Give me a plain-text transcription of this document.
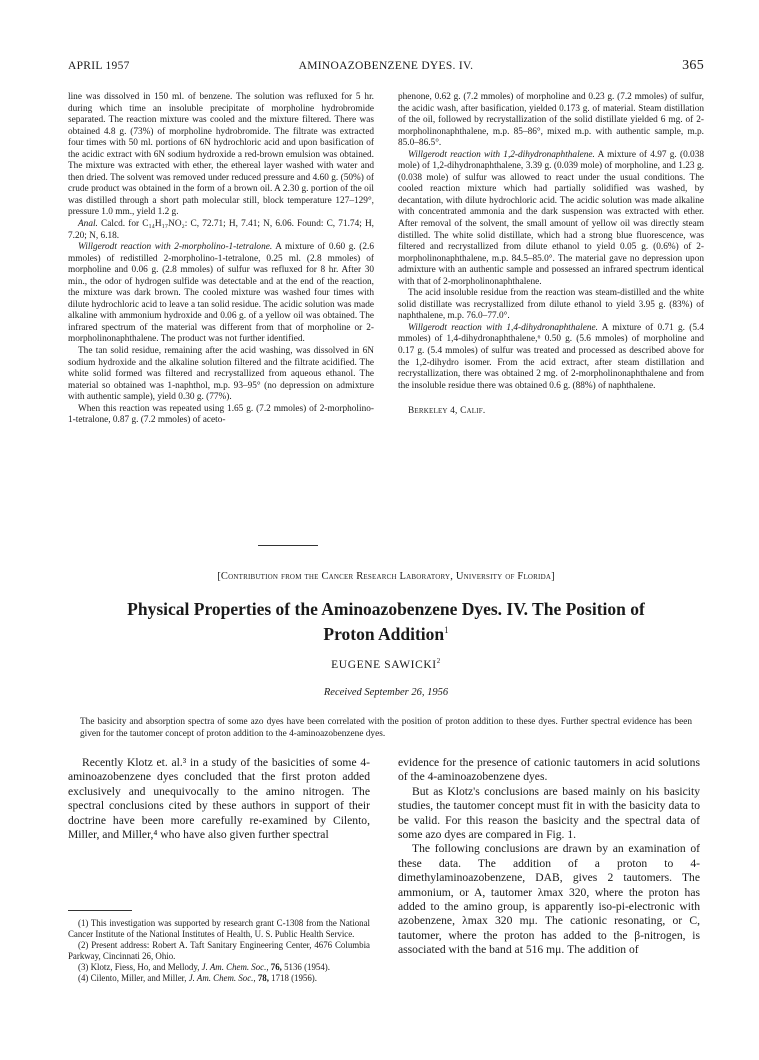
APRIL 1957	AMINOAZOBENZENE DYES. IV.	365

line was dissolved in 150 ml. of benzene. The solution was refluxed for 5 hr. during which time an insoluble precipitate of morpholine hydrobromide separated. The reaction mixture was cooled and the mixture filtered. There was obtained 4.8 g. (73%) of morpholine hydrobromide. The filtrate was extracted four times with 50 ml. portions of 6N hydrochloric acid and upon basification of the acidic extract with 6N sodium hydroxide a red-brown emulsion was obtained. The mixture was extracted with ether, the ethereal layer washed with water and then dried. The solvent was removed under reduced pressure and 4.60 g. (50%) of crude product was obtained in the form of a brown oil. A 2.30 g. portion of the oil was distilled through a short path molecular still, block temperature 127–129°, pressure 1.0 mm., yield 1.2 g.

Anal. Calcd. for C₁₄H₁₇NO₂: C, 72.71; H, 7.41; N, 6.06. Found: C, 71.74; H, 7.20; N, 6.18.

Willgerodt reaction with 2-morpholino-1-tetralone. A mixture of 0.60 g. (2.6 mmoles) of redistilled 2-morpholino-1-tetralone, 0.25 ml. (2.8 mmoles) of morpholine and 0.06 g. (2.8 mmoles) of sulfur was refluxed for 8 hr. After 30 min., the odor of hydrogen sulfide was detectable and at the end of the reaction, the mixture was dark brown. The cooled mixture was washed four times with dilute hydrochloric acid to leave a tan solid residue. The acidic solution was made alkaline with ammonium hydroxide and 0.06 g. of a yellow oil was obtained. The infrared spectrum of the material was different from that of morpholine or 2-morpholinonaphthalene. The product was not further identified.

The tan solid residue, remaining after the acid washing, was dissolved in 6N sodium hydroxide and the alkaline solution filtered and the filtrate acidified. The white solid formed was filtered and recrystallized from aqueous ethanol. The material so obtained was 1-naphthol, m.p. 93–95° (no depression on admixture with authentic sample), yield 0.30 g. (77%).

When this reaction was repeated using 1.65 g. (7.2 mmoles) of 2-morpholino-1-tetralone, 0.87 g. (7.2 mmoles) of aceto-

phenone, 0.62 g. (7.2 mmoles) of morpholine and 0.23 g. (7.2 mmoles) of sulfur, the acidic wash, after basification, yielded 0.173 g. of material. Steam distillation of the oil, followed by recrystallization of the solid distillate yielded 6 mg. of 2-morpholinonaphthalene, m.p. 85–86°, mixed m.p. with authentic sample, m.p. 85.0–86.5°.

Willgerodt reaction with 1,2-dihydronaphthalene. A mixture of 4.97 g. (0.038 mole) of 1,2-dihydronaphthalene, 3.39 g. (0.039 mole) of morpholine, and 1.23 g. (0.038 mole) of sulfur was allowed to react under the usual conditions. The cooled reaction mixture which had partially solidified was washed, by decantation, with dilute hydrochloric acid. The acidic solution was made alkaline with concentrated ammonia and the dark suspension was extracted with ether. After removal of the solvent, the small amount of yellow oil was directly steam distilled. The white solid distillate, which had a strong blue fluorescence, was filtered and recrystallized from dilute ethanol to yield 0.05 g. (0.6%) of 2-morpholinonaphthalene, m.p. 84.5–85.0°. The material gave no depression upon admixture with an authentic sample and possessed an infrared spectrum identical with that of 2-morpholinonaphthalene.

The acid insoluble residue from the reaction was steam-distilled and the white solid distillate was recrystallized from dilute ethanol to yield 3.95 g. (83%) of naphthalene, m.p. 76.0–77.0°.

Willgerodt reaction with 1,4-dihydronaphthalene. A mixture of 0.71 g. (5.4 mmoles) of 1,4-dihydronaphthalene,⁶ 0.50 g. (5.6 mmoles) of morpholine and 0.17 g. (5.4 mmoles) of sulfur was treated and processed as described above for the 1,2-dihydro isomer. From the acid extract, after steam distillation and recrystallization, there was obtained 2 mg. of 2-morpholinonaphthalene and from the insoluble residue there was obtained 0.6 g. (88%) of naphthalene.

Berkeley 4, Calif.

[Contribution from the Cancer Research Laboratory, University of Florida]
Physical Properties of the Aminoazobenzene Dyes. IV. The Position of
Proton Addition$^1$
EUGENE SAWICKI$^2$
Received September 26, 1956

The basicity and absorption spectra of some azo dyes have been correlated with the position of proton addition to these dyes. Further spectral evidence has been given for the tautomer concept of proton addition to the 4-aminoazobenzene dyes.

Recently Klotz et. al.³ in a study of the basicities of some 4-aminoazobenzene dyes concluded that the first proton added exclusively and unequivocally to the amino nitrogen. The spectral conclusions cited by these authors in support of their doctrine have been more carefully re-examined by Cilento, Miller, and Miller,⁴ who have also given further spectral

evidence for the presence of cationic tautomers in acid solutions of the 4-aminoazobenzene dyes.

But as Klotz's conclusions are based mainly on his basicity studies, the tautomer concept must fit in with the basicity data to be valid. For this reason the basicity and the spectral data of some azo dyes are compared in Fig. 1.

The following conclusions are drawn by an examination of these data. The addition of a proton to 4-dimethylaminoazobenzene, DAB, gives 2 tautomers. The ammonium, or A, tautomer λmax 320, where the proton has added to the amino group, is apparently iso-pi-electronic with azobenzene, λmax 320 mμ. The cationic resonating, or C, tautomer, where the proton has added to the β-nitrogen, is associated with the band at 516 mμ. The addition of

(1) This investigation was supported by research grant C-1308 from the National Cancer Institute of the National Institutes of Health, U. S. Public Health Service.

(2) Present address: Robert A. Taft Sanitary Engineering Center, 4676 Columbia Parkway, Cincinnati 26, Ohio.

(3) Klotz, Fiess, Ho, and Mellody, J. Am. Chem. Soc., 76, 5136 (1954).

(4) Cilento, Miller, and Miller, J. Am. Chem. Soc., 78, 1718 (1956).
